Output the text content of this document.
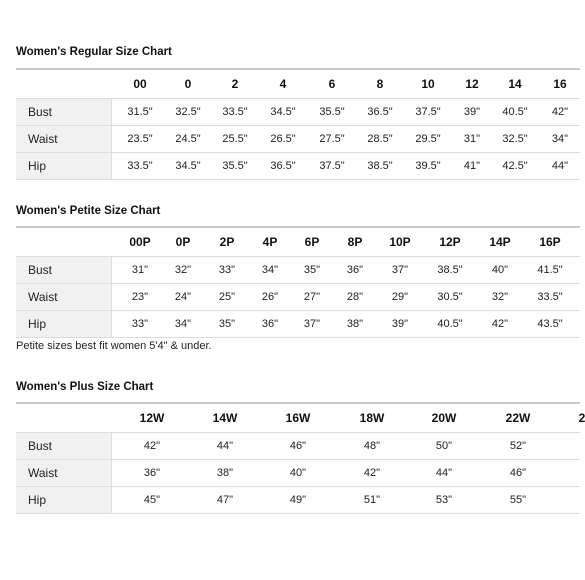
Women's Regular Size Chart
00	0	2	4	6	8	10	12 14	16
Bust	31.5" 32.5" 33.5" 34.5" 35.5" 36.5" 37.5" 39" 40.5" 42"
Waist	23.5" 24.5" 25.5" 26.5" 27.5" 28.5" 29.5" 31" 32.5" 34"
Hip	33.5" 34.5" 35.5" 36.5" 37.5" 38.5" 39.5" 41" 42.5" 44"
Women's Petite Size Chart
00P 0P 2P 4P 6P 8P 10P 12P 14P 16P
Bust	31" 32"	33" 34" 35" 36"	37"	38.5"	40"	41.5"
Waist	23" 24"	25" 26" 27" 28"	29"	30.5"	32"	33.5"
Hip	33" 34"	35" 36" 37" 38"	39"	40.5"	42"	43.5"
Petite sizes best fit women 5'4" & under.
Women's Plus Size Chart
12W	14W	16W	18W	20W	22W	2
Bust	42"	44"	46"	48"	50"	52"
Waist	36"	38"	40"	42"	44"	46"
Hip	45"	47"	49"	51"	53"	55"
